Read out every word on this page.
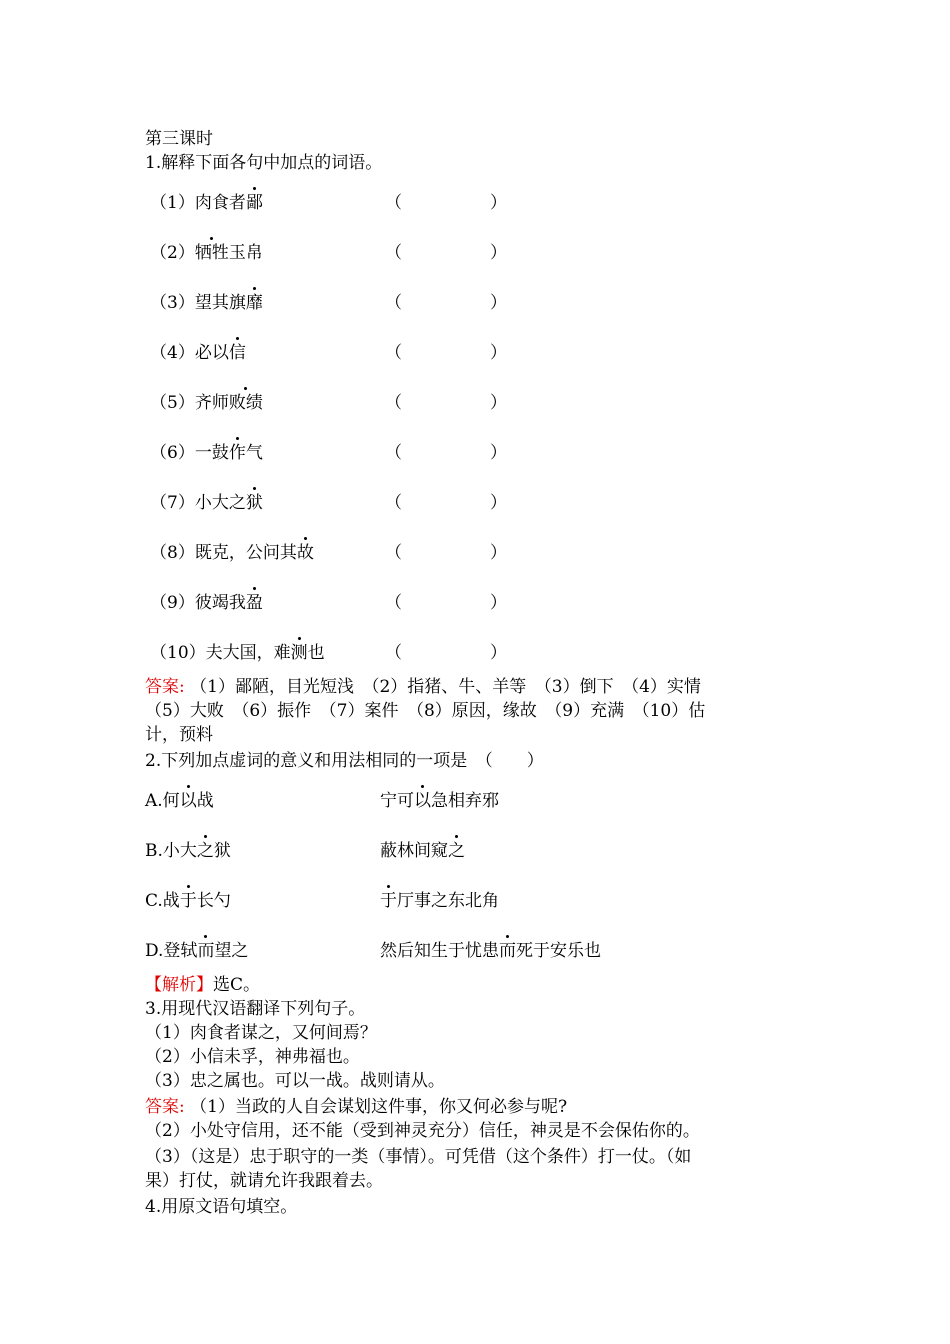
第三课时
1.解释下面各句中加点的词语。
（1）肉食者鄙	（	）
（2）牺牲玉帛	（	）
（3）望其旗靡	（	）
（4）必以信	（	）
（5）齐师败绩	（	）
（6）一鼓作气	（	）
（7）小大之狱	（	）
（8）既克，公问其故	（	）
（9）彼竭我盈	（	）
（10）夫大国，难测也	（	）
答案: （1）鄙陋，目光短浅　（2）指猪、牛、羊等　（3）倒下　（4）实情
（5）大败　（6）振作　（7）案件　（8）原因，缘故　（9）充满　（10）估
计，预料
2.下列加点虚词的意义和用法相同的一项是　（　　）
A.何以战	宁可以急相弃邪
B.小大之狱	蔽林间窥之
C.战于长勺	于厅事之东北角
D.登轼而望之	然后知生于忧患而死于安乐也
【解析】选C。
3.用现代汉语翻译下列句子。
（1）肉食者谋之，又何间焉？
（2）小信未孚，神弗福也。
（3）忠之属也。可以一战。战则请从。
答案: （1）当政的人自会谋划这件事，你又何必参与呢?
（2）小处守信用，还不能（受到神灵充分）信任，神灵是不会保佑你的。
（3）（这是）忠于职守的一类（事情）。可凭借（这个条件）打一仗。（如
果）打仗，就请允许我跟着去。
4.用原文语句填空。
